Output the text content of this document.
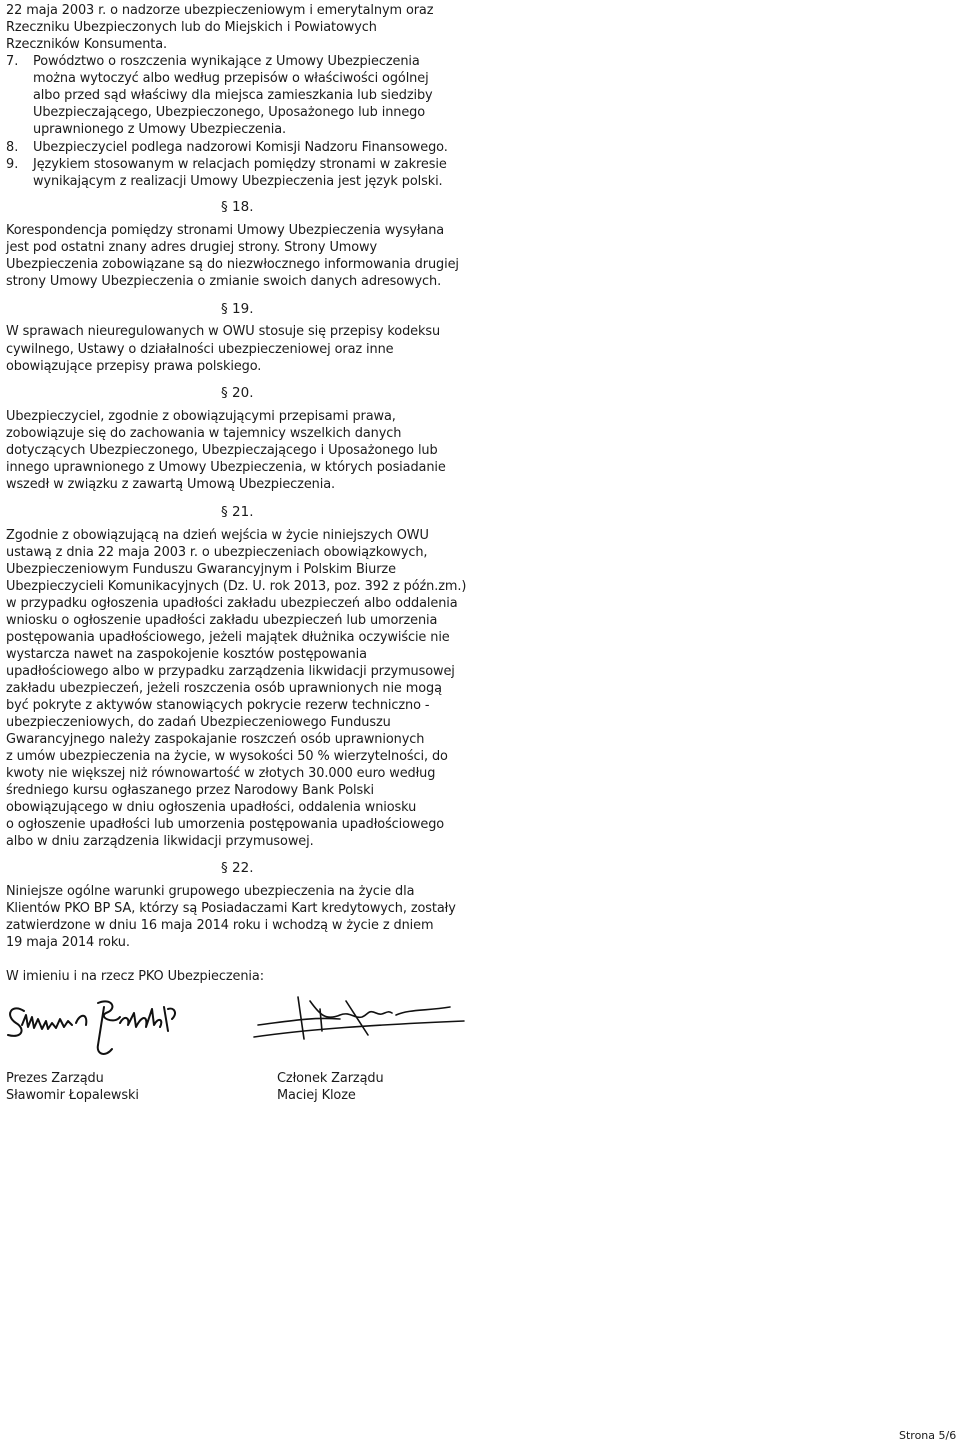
22 maja 2003 r. o nadzorze ubezpieczeniowym i emerytalnym oraz

Rzeczniku Ubezpieczonych lub do Miejskich i Powiatowych

Rzeczników Konsumenta.

7. Powództwo o roszczenia wynikające z Umowy Ubezpieczenia

można wytoczyć albo według przepisów o właściwości ogólnej

albo przed sąd właściwy dla miejsca zamieszkania lub siedziby

Ubezpieczającego, Ubezpieczonego, Uposażonego lub innego

uprawnionego z Umowy Ubezpieczenia.

8. Ubezpieczyciel podlega nadzorowi Komisji Nadzoru Finansowego.

9. Językiem stosowanym w relacjach pomiędzy stronami w zakresie

wynikającym z realizacji Umowy Ubezpieczenia jest język polski.

§ 18.

Korespondencja pomiędzy stronami Umowy Ubezpieczenia wysyłana

jest pod ostatni znany adres drugiej strony. Strony Umowy

Ubezpieczenia zobowiązane są do niezwłocznego informowania drugiej

strony Umowy Ubezpieczenia o zmianie swoich danych adresowych.

§ 19.

W sprawach nieuregulowanych w OWU stosuje się przepisy kodeksu

cywilnego, Ustawy o działalności ubezpieczeniowej oraz inne

obowiązujące przepisy prawa polskiego.

§ 20.

Ubezpieczyciel, zgodnie z obowiązującymi przepisami prawa,

zobowiązuje się do zachowania w tajemnicy wszelkich danych

dotyczących Ubezpieczonego, Ubezpieczającego i Uposażonego lub

innego uprawnionego z Umowy Ubezpieczenia, w których posiadanie

wszedł w związku z zawartą Umową Ubezpieczenia.

§ 21.

Zgodnie z obowiązującą na dzień wejścia w życie niniejszych OWU

ustawą z dnia 22 maja 2003 r. o ubezpieczeniach obowiązkowych,

Ubezpieczeniowym Funduszu Gwarancyjnym i Polskim Biurze

Ubezpieczycieli Komunikacyjnych (Dz. U. rok 2013, poz. 392 z późn.zm.)

w przypadku ogłoszenia upadłości zakładu ubezpieczeń albo oddalenia

wniosku o ogłoszenie upadłości zakładu ubezpieczeń lub umorzenia

postępowania upadłościowego, jeżeli majątek dłużnika oczywiście nie

wystarcza nawet na zaspokojenie kosztów postępowania

upadłościowego albo w przypadku zarządzenia likwidacji przymusowej

zakładu ubezpieczeń, jeżeli roszczenia osób uprawnionych nie mogą

być pokryte z aktywów stanowiących pokrycie rezerw techniczno -

ubezpieczeniowych, do zadań Ubezpieczeniowego Funduszu

Gwarancyjnego należy zaspokajanie roszczeń osób uprawnionych

z umów ubezpieczenia na życie, w wysokości 50 % wierzytelności, do

kwoty nie większej niż równowartość w złotych 30.000 euro według

średniego kursu ogłaszanego przez Narodowy Bank Polski

obowiązującego w dniu ogłoszenia upadłości, oddalenia wniosku

o ogłoszenie upadłości lub umorzenia postępowania upadłościowego

albo w dniu zarządzenia likwidacji przymusowej.

§ 22.

Niniejsze ogólne warunki grupowego ubezpieczenia na życie dla

Klientów PKO BP SA, którzy są Posiadaczami Kart kredytowych, zostały

zatwierdzone w dniu 16 maja 2014 roku i wchodzą w życie z dniem

19 maja 2014 roku.

W imieniu i na rzecz PKO Ubezpieczenia:

Prezes Zarządu

Sławomir Łopalewski

Członek Zarządu

Maciej Kloze

Strona 5/6
